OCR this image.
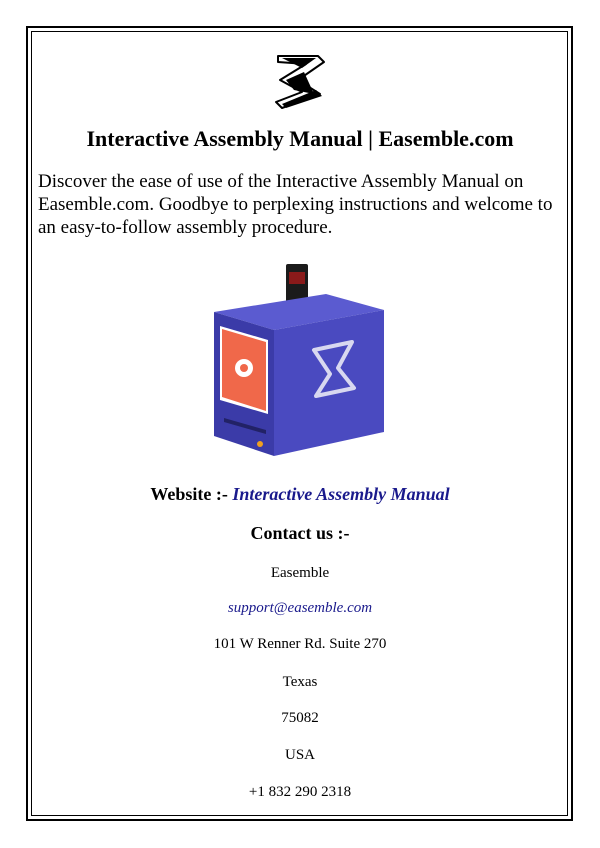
Interactive Assembly Manual | Easemble.com

Discover the ease of use of the Interactive Assembly Manual on Easemble.com. Goodbye to perplexing instructions and welcome to an easy-to-follow assembly procedure.

Website :- Interactive Assembly Manual

Contact us :-

Easemble

support@easemble.com

101 W Renner Rd. Suite 270

Texas

75082

USA

+1 832 290 2318
